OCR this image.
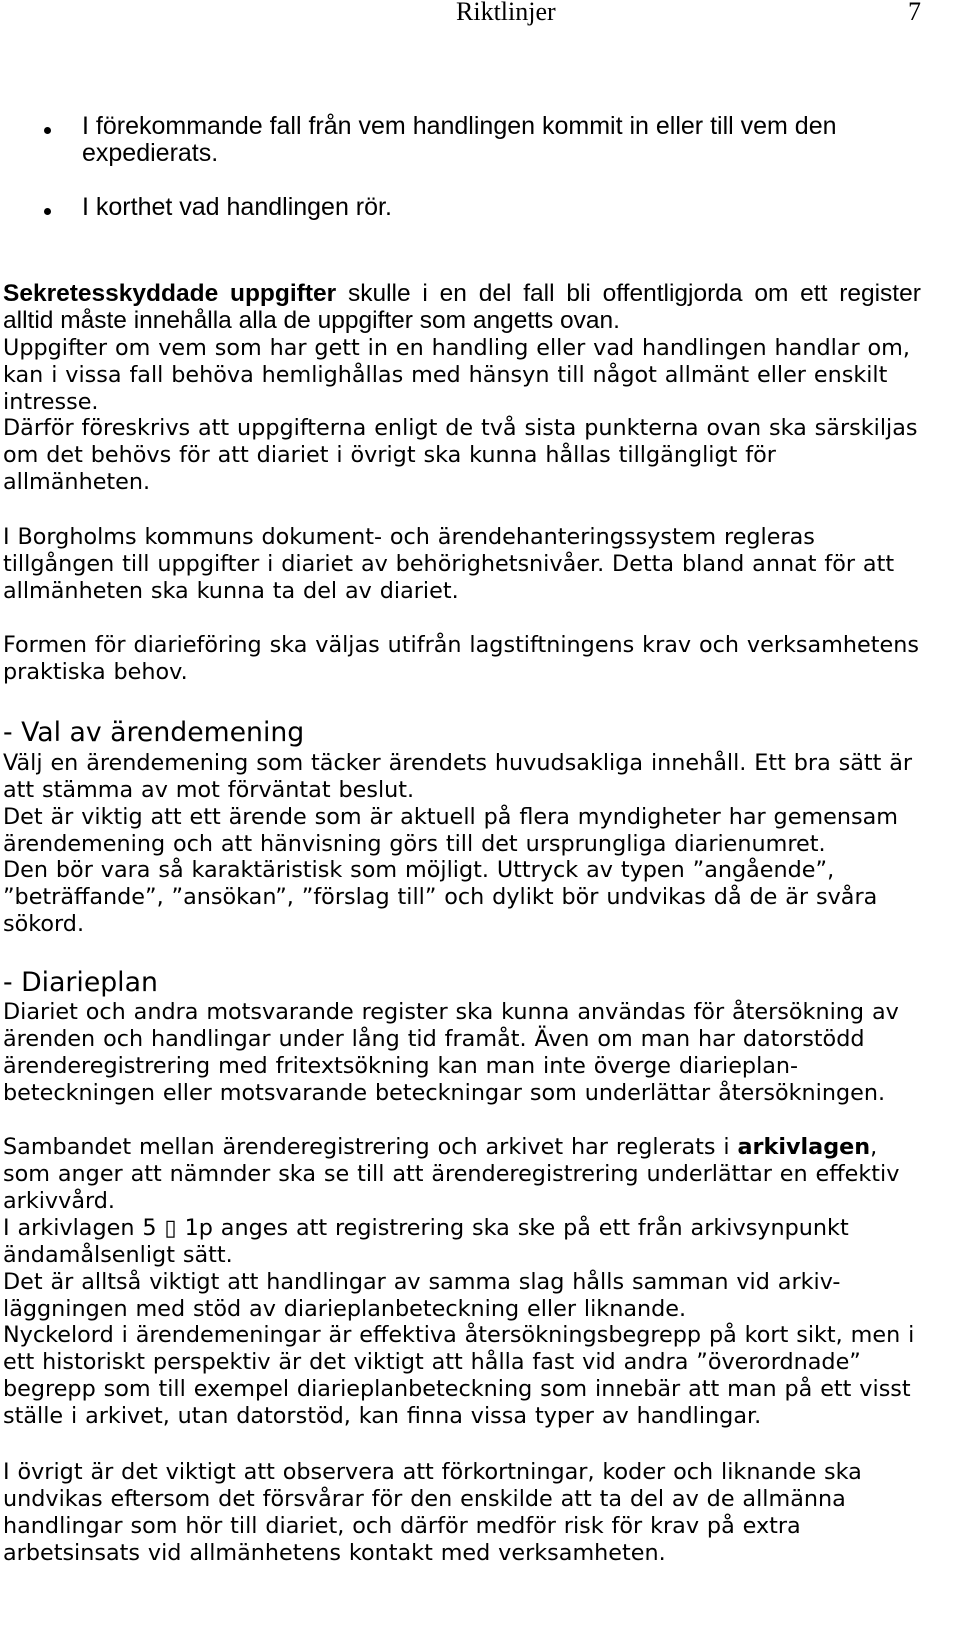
Riktlinjer	7
I förekommande fall från vem handlingen kommit in eller till vem den
expedierats.
I korthet vad handlingen rör.

Sekretesskyddade uppgifter skulle i en del fall bli offentligjorda om ett register
alltid måste innehålla alla de uppgifter som angetts ovan.

Uppgifter om vem som har gett in en handling eller vad handlingen handlar om,
kan i vissa fall behöva hemlighållas med hänsyn till något allmänt eller enskilt
intresse.

Därför föreskrivs att uppgifterna enligt de två sista punkterna ovan ska särskiljas
om det behövs för att diariet i övrigt ska kunna hållas tillgängligt för
allmänheten.

I Borgholms kommuns dokument- och ärendehanteringssystem regleras
tillgången till uppgifter i diariet av behörighetsnivåer. Detta bland annat för att
allmänheten ska kunna ta del av diariet.

Formen för diarieföring ska väljas utifrån lagstiftningens krav och verksamhetens
praktiska behov.

- Val av ärendemening

Välj en ärendemening som täcker ärendets huvudsakliga innehåll. Ett bra sätt är
att stämma av mot förväntat beslut.

Det är viktig att ett ärende som är aktuell på flera myndigheter har gemensam
ärendemening och att hänvisning görs till det ursprungliga diarienumret.

Den bör vara så karaktäristisk som möjligt. Uttryck av typen ”angående”,
”beträffande”, ”ansökan”, ”förslag till” och dylikt bör undvikas då de är svåra
sökord.

- Diarieplan

Diariet och andra motsvarande register ska kunna användas för återsökning av
ärenden och handlingar under lång tid framåt. Även om man har datorstödd
ärenderegistrering med fritextsökning kan man inte överge diarieplan-
beteckningen eller motsvarande beteckningar som underlättar återsökningen.

Sambandet mellan ärenderegistrering och arkivet har reglerats i arkivlagen,
som anger att nämnder ska se till att ärenderegistrering underlättar en effektiv
arkivvård.

I arkivlagen 5 ▯ 1p anges att registrering ska ske på ett från arkivsynpunkt
ändamålsenligt sätt.

Det är alltså viktigt att handlingar av samma slag hålls samman vid arkiv-
läggningen med stöd av diarieplanbeteckning eller liknande.

Nyckelord i ärendemeningar är effektiva återsökningsbegrepp på kort sikt, men i
ett historiskt perspektiv är det viktigt att hålla fast vid andra ”överordnade”
begrepp som till exempel diarieplanbeteckning som innebär att man på ett visst
ställe i arkivet, utan datorstöd, kan finna vissa typer av handlingar.

I övrigt är det viktigt att observera att förkortningar, koder och liknande ska
undvikas eftersom det försvårar för den enskilde att ta del av de allmänna
handlingar som hör till diariet, och därför medför risk för krav på extra
arbetsinsats vid allmänhetens kontakt med verksamheten.
